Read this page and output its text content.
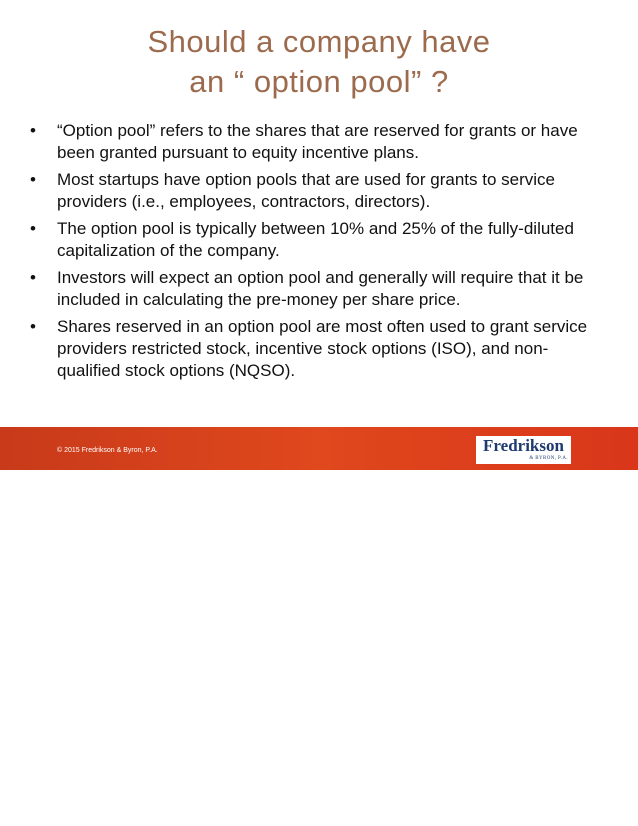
Should a company have
an “ option pool” ?
•	“Option pool” refers to the shares that are reserved for grants or have been granted pursuant to equity incentive plans.
•	Most startups have option pools that are used for grants to service providers (i.e., employees, contractors, directors).
•	The option pool is typically between 10% and 25% of the fully-diluted capitalization of the company.
•	Investors will expect an option pool and generally will require that it be included in calculating the pre-money per share price.
•	Shares reserved in an option pool are most often used to grant service providers restricted stock, incentive stock options (ISO), and non-qualified stock options (NQSO).
© 2015 Fredrikson & Byron, P.A.	Fredrikson
& BYRON, P.A.
